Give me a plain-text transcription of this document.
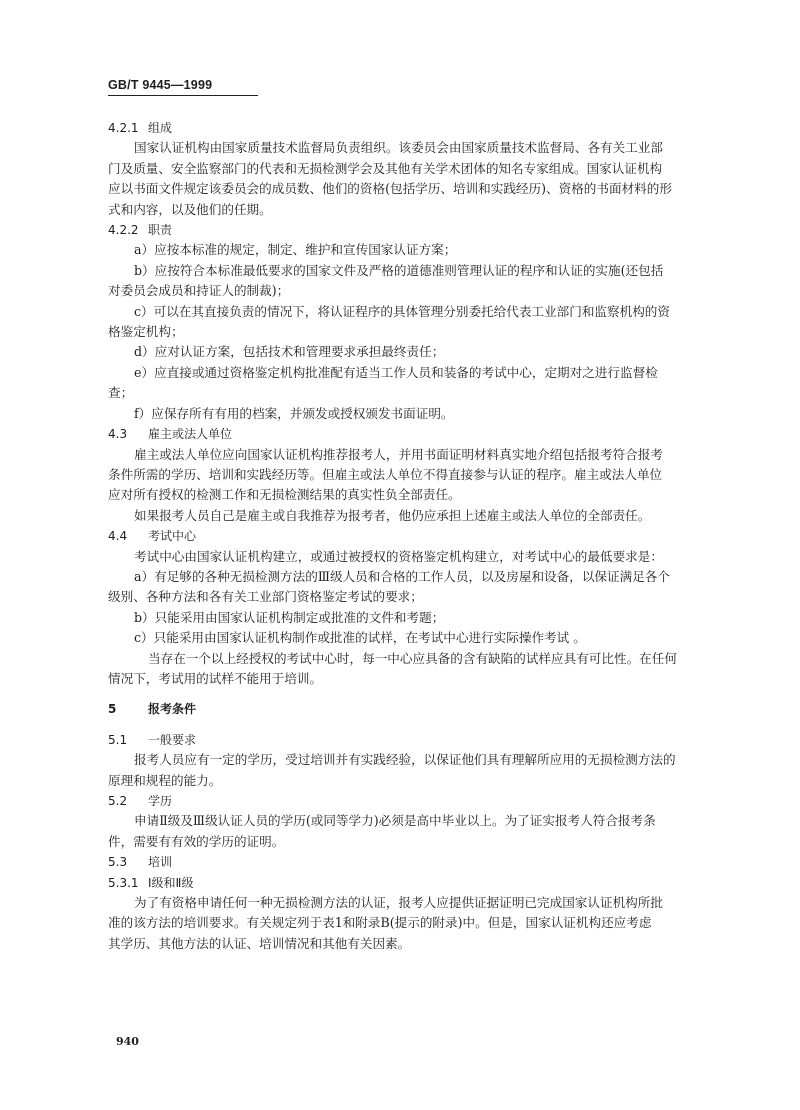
GB/T 9445—1999
4.2.1 组成
国家认证机构由国家质量技术监督局负责组织。该委员会由国家质量技术监督局、各有关工业部
门及质量、安全监察部门的代表和无损检测学会及其他有关学术团体的知名专家组成。国家认证机构
应以书面文件规定该委员会的成员数、他们的资格(包括学历、培训和实践经历)、资格的书面材料的形
式和内容，以及他们的任期。
4.2.2 职责
a）应按本标准的规定，制定、维护和宣传国家认证方案；
b）应按符合本标准最低要求的国家文件及严格的道德准则管理认证的程序和认证的实施(还包括
对委员会成员和持证人的制裁)；
c）可以在其直接负责的情况下，将认证程序的具体管理分别委托给代表工业部门和监察机构的资
格鉴定机构；
d）应对认证方案，包括技术和管理要求承担最终责任；
e）应直接或通过资格鉴定机构批准配有适当工作人员和装备的考试中心，定期对之进行监督检
查；
f）应保存所有有用的档案，并颁发或授权颁发书面证明。
4.3 雇主或法人单位
雇主或法人单位应向国家认证机构推荐报考人，并用书面证明材料真实地介绍包括报考符合报考
条件所需的学历、培训和实践经历等。但雇主或法人单位不得直接参与认证的程序。雇主或法人单位
应对所有授权的检测工作和无损检测结果的真实性负全部责任。
如果报考人员自己是雇主或自我推荐为报考者，他仍应承担上述雇主或法人单位的全部责任。
4.4 考试中心
考试中心由国家认证机构建立，或通过被授权的资格鉴定机构建立，对考试中心的最低要求是：
a）有足够的各种无损检测方法的Ⅲ级人员和合格的工作人员，以及房屋和设备，以保证满足各个
级别、各种方法和各有关工业部门资格鉴定考试的要求；
b）只能采用由国家认证机构制定或批准的文件和考题；
c）只能采用由国家认证机构制作或批准的试样，在考试中心进行实际操作考试 。
当存在一个以上经授权的考试中心时，每一中心应具备的含有缺陷的试样应具有可比性。在任何
情况下，考试用的试样不能用于培训。
5	报考条件
5.1 一般要求
报考人员应有一定的学历，受过培训并有实践经验，以保证他们具有理解所应用的无损检测方法的
原理和规程的能力。
5.2 学历
申请Ⅱ级及Ⅲ级认证人员的学历(或同等学力)必须是高中毕业以上。为了证实报考人符合报考条
件，需要有有效的学历的证明。
5.3 培训
5.3.1 Ⅰ级和Ⅱ级
为了有资格申请任何一种无损检测方法的认证，报考人应提供证据证明已完成国家认证机构所批
准的该方法的培训要求。有关规定列于表1和附录B(提示的附录)中。但是，国家认证机构还应考虑
其学历、其他方法的认证、培训情况和其他有关因素。
940
